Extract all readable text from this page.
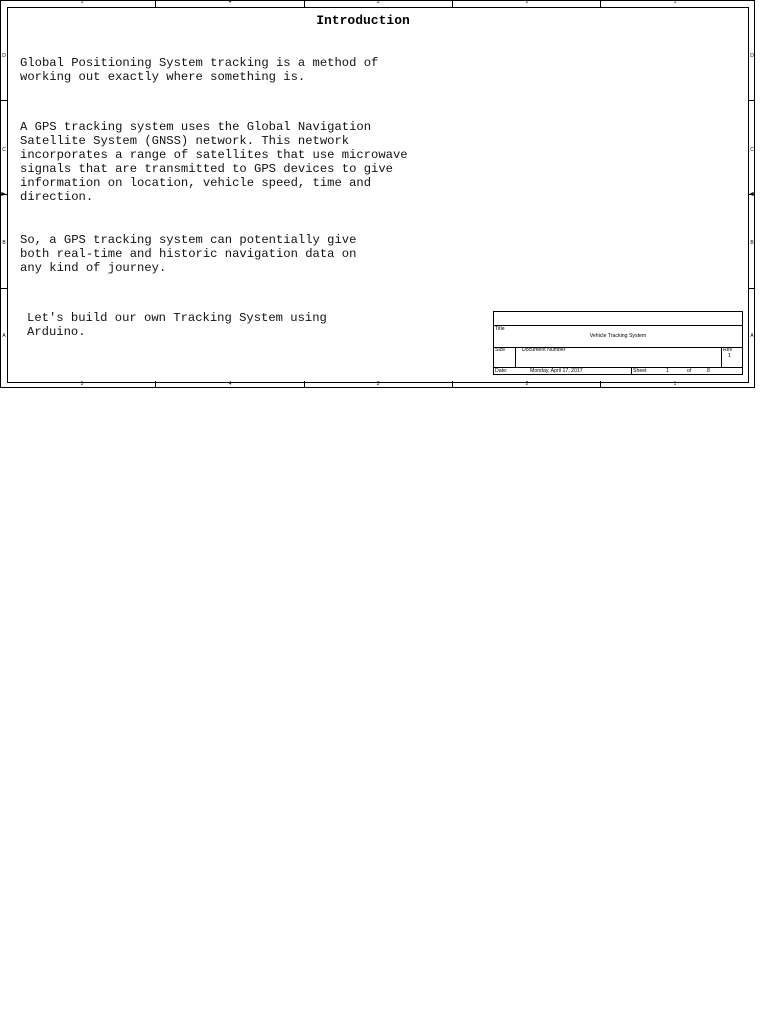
5	4	3	2	1
5	4	3	2	1
►
D
C
B
A
◄
D
C
B
A
Introduction
Global Positioning System tracking is a method of
working out exactly where something is.
A GPS tracking system uses the Global Navigation
Satellite System (GNSS) network. This network
incorporates a range of satellites that use microwave
signals that are transmitted to GPS devices to give
information on location, vehicle speed, time and
direction.
So, a GPS tracking system can potentially give
both real-time and historic navigation data on
any kind of journey.
Let's build our own Tracking System using
Arduino.	Title
Vehicle Tracking System
Size	Document Number	Rev
1
Date:	Monday, April 17, 2017	Sheet	1	of	8
